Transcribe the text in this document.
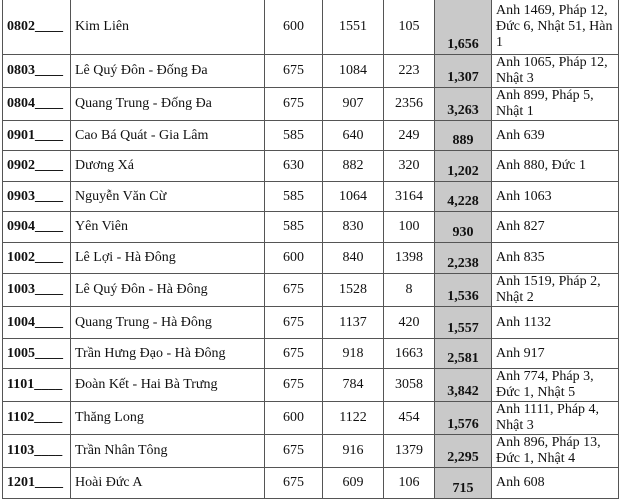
0802____	Kim Liên	600	1551	105	1,656	Anh 1469, Pháp 12, Đức 6, Nhật 51, Hàn 1
0803____	Lê Quý Đôn - Đống Đa	675	1084	223	1,307	Anh 1065, Pháp 12, Nhật 3
0804____	Quang Trung - Đống Đa	675	907	2356	3,263	Anh 899, Pháp 5, Nhật 1
0901____	Cao Bá Quát - Gia Lâm	585	640	249	889	Anh 639
0902____	Dương Xá	630	882	320	1,202	Anh 880, Đức 1
0903____	Nguyễn Văn Cừ	585	1064	3164	4,228	Anh 1063
0904____	Yên Viên	585	830	100	930	Anh 827
1002____	Lê Lợi - Hà Đông	600	840	1398	2,238	Anh 835
1003____	Lê Quý Đôn - Hà Đông	675	1528	8	1,536	Anh 1519, Pháp 2, Nhật 2
1004____	Quang Trung - Hà Đông	675	1137	420	1,557	Anh 1132
1005____	Trần Hưng Đạo - Hà Đông	675	918	1663	2,581	Anh 917
1101____	Đoàn Kết - Hai Bà Trưng	675	784	3058	3,842	Anh 774, Pháp 3, Đức 1, Nhật 5
1102____	Thăng Long	600	1122	454	1,576	Anh 1111, Pháp 4, Nhật 3
1103____	Trần Nhân Tông	675	916	1379	2,295	Anh 896, Pháp 13, Đức 1, Nhật 4
1201____	Hoài Đức A	675	609	106	715	Anh 608
